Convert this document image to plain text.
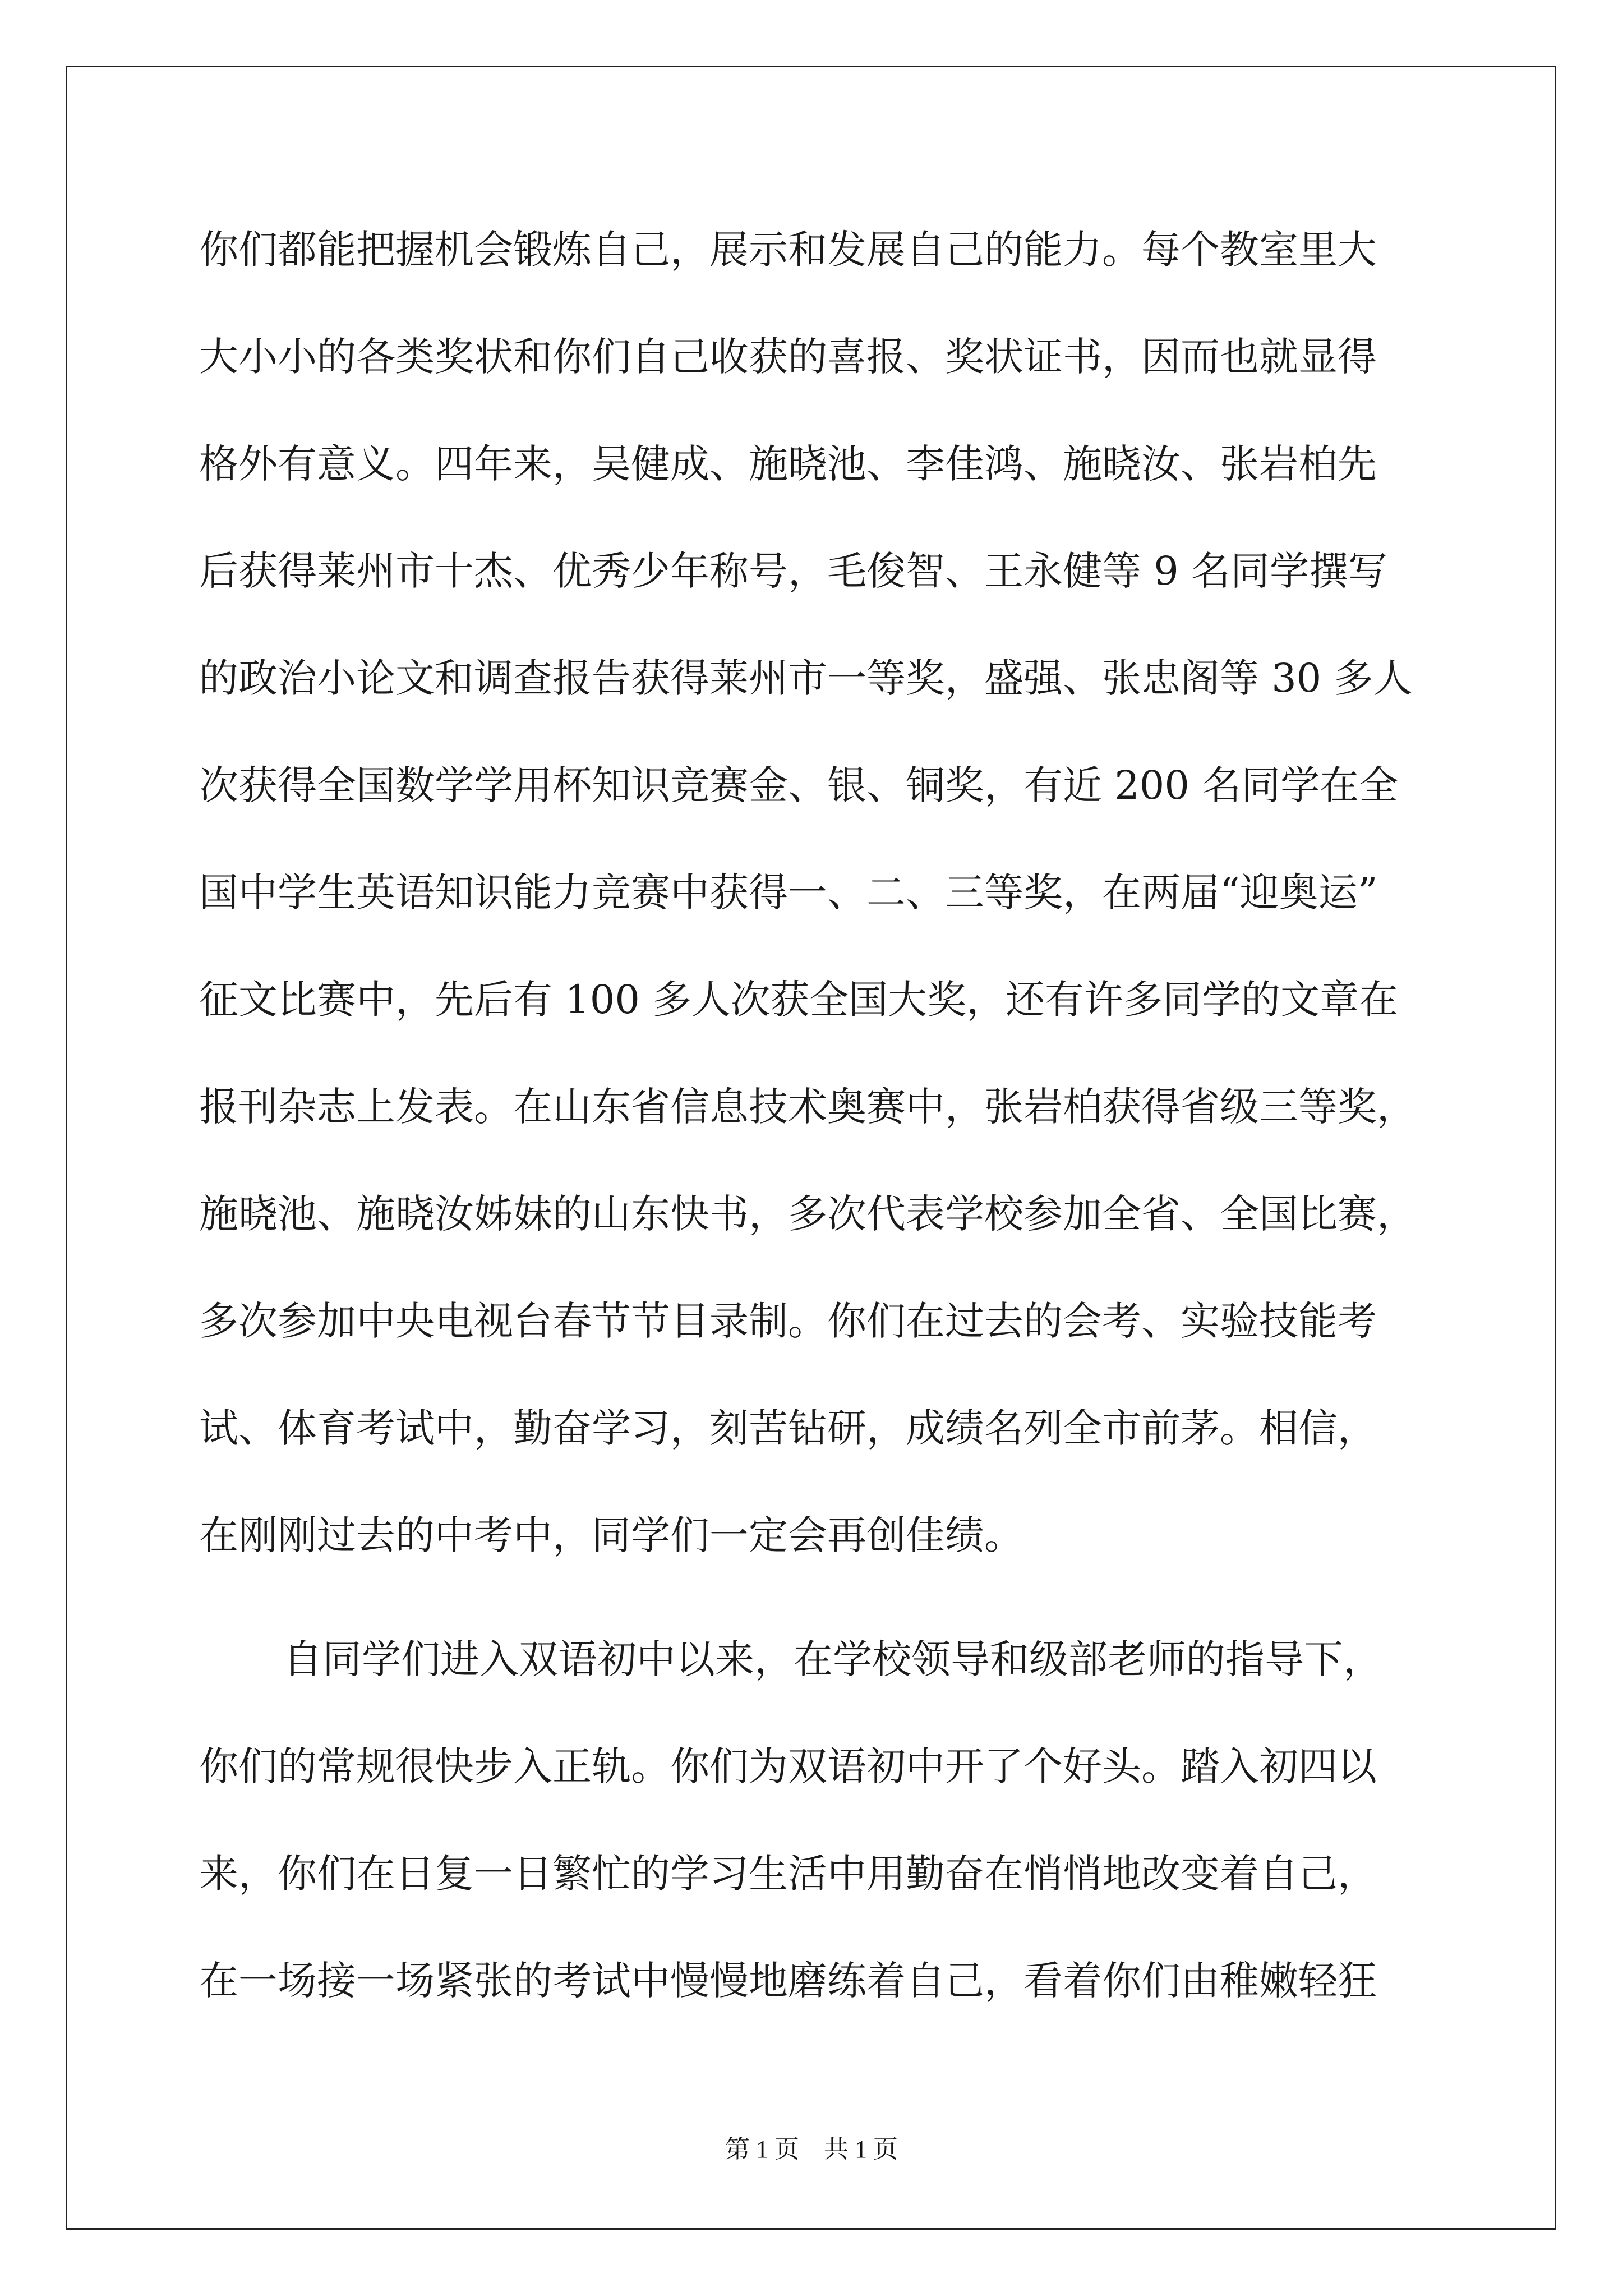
你们都能把握机会锻炼自己，展示和发展自己的能力。每个教室里大
大小小的各类奖状和你们自己收获的喜报、奖状证书，因而也就显得
格外有意义。四年来，吴健成、施晓池、李佳鸿、施晓汝、张岩柏先
后获得莱州市十杰、优秀少年称号，毛俊智、王永健等 9 名同学撰写
的政治小论文和调查报告获得莱州市一等奖，盛强、张忠阁等 30 多人
次获得全国数学学用杯知识竞赛金、银、铜奖，有近 200 名同学在全
国中学生英语知识能力竞赛中获得一、二、三等奖，在两届“迎奥运”
征文比赛中，先后有 100 多人次获全国大奖，还有许多同学的文章在
报刊杂志上发表。在山东省信息技术奥赛中，张岩柏获得省级三等奖，
施晓池、施晓汝姊妹的山东快书，多次代表学校参加全省、全国比赛，
多次参加中央电视台春节节目录制。你们在过去的会考、实验技能考
试、体育考试中，勤奋学习，刻苦钻研，成绩名列全市前茅。相信，
在刚刚过去的中考中，同学们一定会再创佳绩。
自同学们进入双语初中以来，在学校领导和级部老师的指导下，
你们的常规很快步入正轨。你们为双语初中开了个好头。踏入初四以
来，你们在日复一日繁忙的学习生活中用勤奋在悄悄地改变着自己，
在一场接一场紧张的考试中慢慢地磨练着自己，看着你们由稚嫩轻狂
第 1 页　共 1 页
